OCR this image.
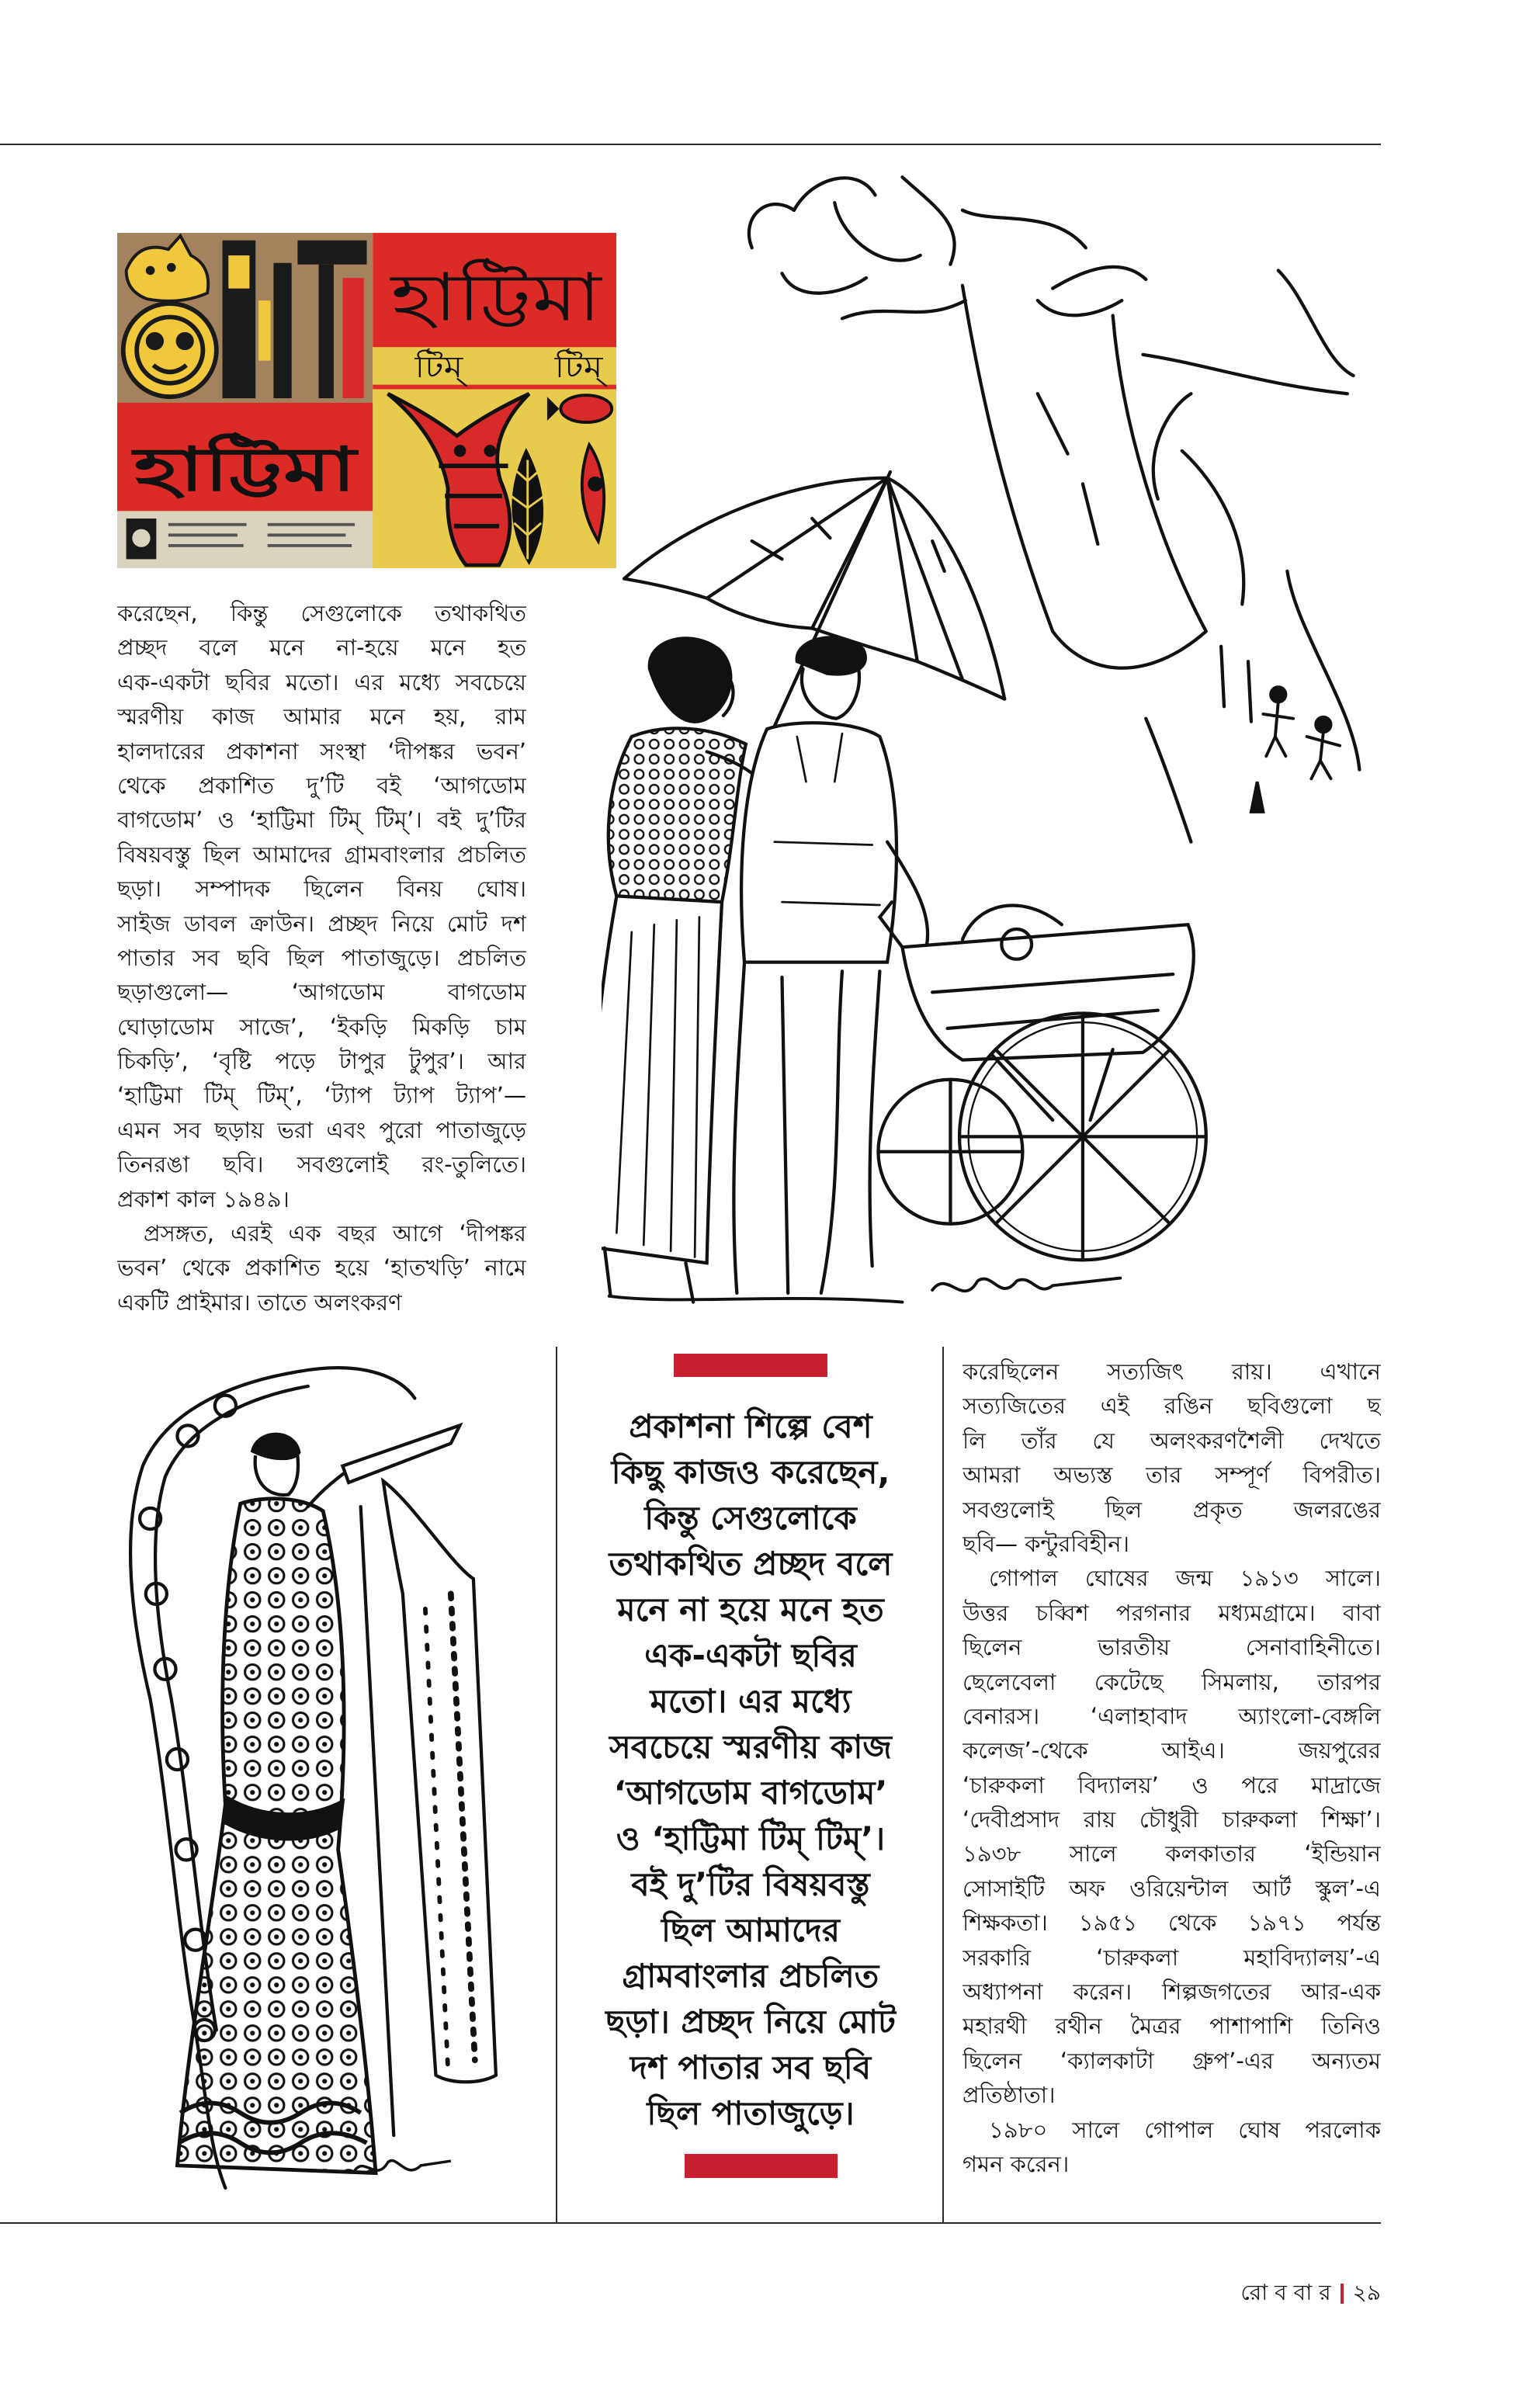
হাট্টিমা
হাট্টিমা
টিম্	টিম্
করেছেন, কিন্তু সেগুলোকে তথাকথিত
প্রচ্ছদ বলে মনে না-হয়ে মনে হত
এক-একটা ছবির মতো। এর মধ্যে সবচেয়ে
স্মরণীয় কাজ আমার মনে হয়, রাম
হালদারের প্রকাশনা সংস্থা ‘দীপঙ্কর ভবন’
থেকে প্রকাশিত দু’টি বই ‘আগডোম
বাগডোম’ ও ‘হাট্টিমা টিম্ টিম্’। বই দু’টির
বিষয়বস্তু ছিল আমাদের গ্রামবাংলার প্রচলিত
ছড়া। সম্পাদক ছিলেন বিনয় ঘোষ।
সাইজ ডাবল ক্রাউন। প্রচ্ছদ নিয়ে মোট দশ
পাতার সব ছবি ছিল পাতাজুড়ে। প্রচলিত
ছড়াগুলো— ‘আগডোম বাগডোম
ঘোড়াডোম সাজে’, ‘ইকড়ি মিকড়ি চাম
চিকড়ি’, ‘বৃষ্টি পড়ে টাপুর টুপুর’। আর
‘হাট্টিমা টিম্ টিম্’, ‘ট্যাপ ট্যাপ ট্যাপ’—
এমন সব ছড়ায় ভরা এবং পুরো পাতাজুড়ে
তিনরঙা ছবি। সবগুলোই রং-তুলিতে।
প্রকাশ কাল ১৯৪৯।
প্রসঙ্গত, এরই এক বছর আগে ‘দীপঙ্কর
ভবন’ থেকে প্রকাশিত হয়ে ‘হাতখড়ি’ নামে
একটি প্রাইমার। তাতে অলংকরণ
প্রকাশনা শিল্পে বেশ
কিছু কাজও করেছেন,
কিন্তু সেগুলোকে
তথাকথিত প্রচ্ছদ বলে
মনে না হয়ে মনে হত
এক-একটা ছবির
মতো। এর মধ্যে
সবচেয়ে স্মরণীয় কাজ
‘আগডোম বাগডোম’
ও ‘হাট্টিমা টিম্ টিম্’।
বই দু’টির বিষয়বস্তু
ছিল আমাদের
গ্রামবাংলার প্রচলিত
ছড়া। প্রচ্ছদ নিয়ে মোট
দশ পাতার সব ছবি
ছিল পাতাজুড়ে।
করেছিলেন সত্যজিৎ রায়। এখানে
সত্যজিতের এই রঙিন ছবিগুলো ছ
লি তাঁর যে অলংকরণশৈলী দেখতে
আমরা অভ্যস্ত তার সম্পূর্ণ বিপরীত।
সবগুলোই ছিল প্রকৃত জলরঙের
ছবি— কন্টুরবিহীন।
গোপাল ঘোষের জন্ম ১৯১৩ সালে।
উত্তর চব্বিশ পরগনার মধ্যমগ্রামে। বাবা
ছিলেন ভারতীয় সেনাবাহিনীতে।
ছেলেবেলা কেটেছে সিমলায়, তারপর
বেনারস। ‘এলাহাবাদ অ্যাংলো-বেঙ্গলি
কলেজ’-থেকে আইএ। জয়পুরের
‘চারুকলা বিদ্যালয়’ ও পরে মাদ্রাজে
‘দেবীপ্রসাদ রায় চৌধুরী চারুকলা শিক্ষা’।
১৯৩৮ সালে কলকাতার ‘ইন্ডিয়ান
সোসাইটি অফ ওরিয়েন্টাল আর্ট স্কুল’-এ
শিক্ষকতা। ১৯৫১ থেকে ১৯৭১ পর্যন্ত
সরকারি ‘চারুকলা মহাবিদ্যালয়’-এ
অধ্যাপনা করেন। শিল্পজগতের আর-এক
মহারথী রথীন মৈত্রর পাশাপাশি তিনিও
ছিলেন ‘ক্যালকাটা গ্রুপ’-এর অন্যতম
প্রতিষ্ঠাতা।
১৯৮০ সালে গোপাল ঘোষ পরলোক
গমন করেন।
রো ব বা র ২৯
